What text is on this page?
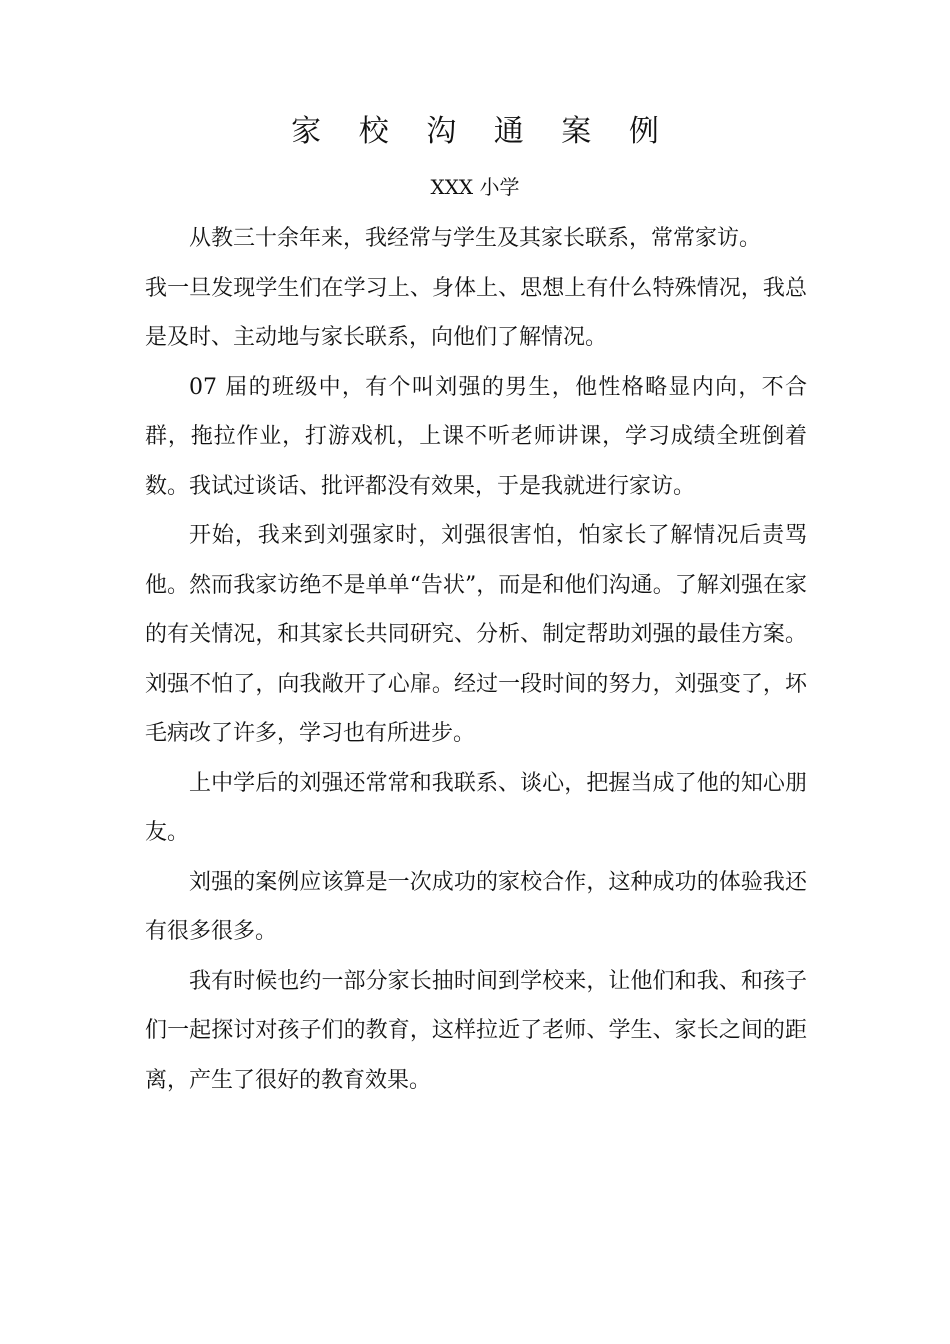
家 校 沟 通 案 例
XXX 小学

从教三十余年来，我经常与学生及其家长联系，常常家访。

我一旦发现学生们在学习上、身体上、思想上有什么特殊情况，我总是及时、主动地与家长联系，向他们了解情况。

07 届的班级中，有个叫刘强的男生，他性格略显内向，不合群，拖拉作业，打游戏机，上课不听老师讲课，学习成绩全班倒着数。我试过谈话、批评都没有效果，于是我就进行家访。

开始，我来到刘强家时，刘强很害怕，怕家长了解情况后责骂他。然而我家访绝不是单单“告状”，而是和他们沟通。了解刘强在家的有关情况，和其家长共同研究、分析、制定帮助刘强的最佳方案。刘强不怕了，向我敞开了心扉。经过一段时间的努力，刘强变了，坏毛病改了许多，学习也有所进步。

上中学后的刘强还常常和我联系、谈心，把握当成了他的知心朋友。

刘强的案例应该算是一次成功的家校合作，这种成功的体验我还有很多很多。

我有时候也约一部分家长抽时间到学校来，让他们和我、和孩子们一起探讨对孩子们的教育，这样拉近了老师、学生、家长之间的距离，产生了很好的教育效果。
